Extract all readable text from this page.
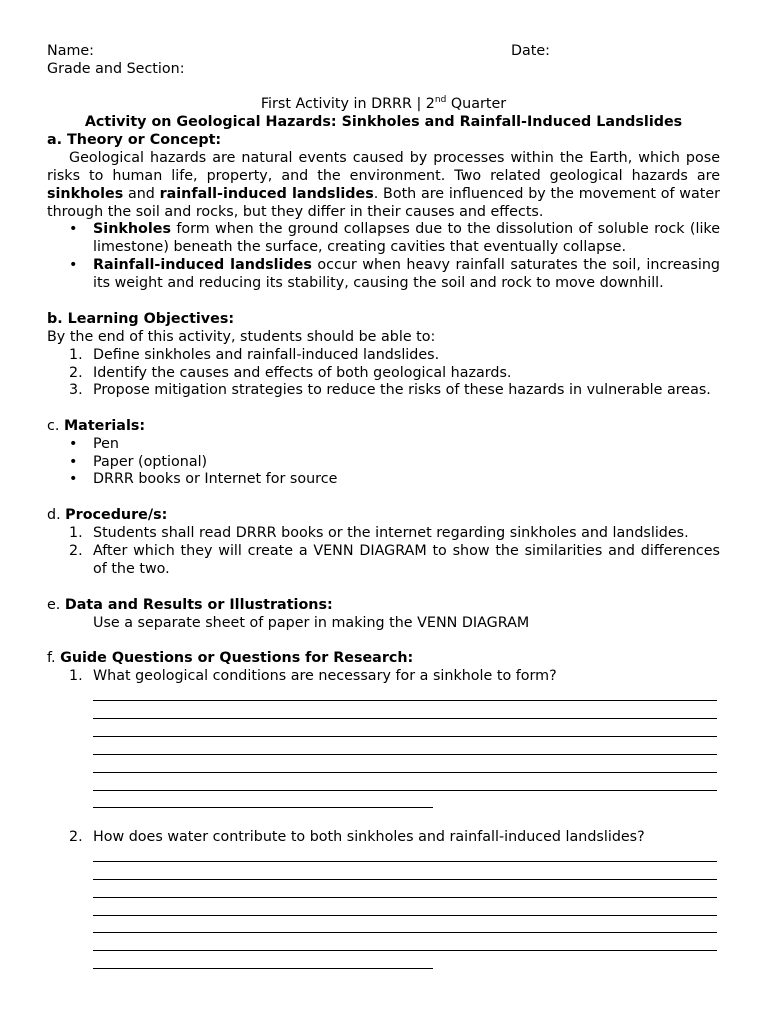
Name:	Date:
Grade and Section:
First Activity in DRRR | 2nd Quarter
Activity on Geological Hazards: Sinkholes and Rainfall-Induced Landslides
a. Theory or Concept:
Geological hazards are natural events caused by processes within the Earth, which pose
risks to human life, property, and the environment. Two related geological hazards are
sinkholes and rainfall-induced landslides. Both are influenced by the movement of water
through the soil and rocks, but they differ in their causes and effects.
• Sinkholes form when the ground collapses due to the dissolution of soluble rock (like limestone) beneath the surface, creating cavities that eventually collapse.
• Rainfall-induced landslides occur when heavy rainfall saturates the soil, increasing its weight and reducing its stability, causing the soil and rock to move downhill.
b. Learning Objectives:
By the end of this activity, students should be able to:
1. Define sinkholes and rainfall-induced landslides.
2. Identify the causes and effects of both geological hazards.
3. Propose mitigation strategies to reduce the risks of these hazards in vulnerable areas.
c. Materials:
• Pen
• Paper (optional)
• DRRR books or Internet for source
d. Procedure/s:
1. Students shall read DRRR books or the internet regarding sinkholes and landslides.
2. After which they will create a VENN DIAGRAM to show the similarities and differences of the two.
e. Data and Results or Illustrations:
Use a separate sheet of paper in making the VENN DIAGRAM
f. Guide Questions or Questions for Research:
1. What geological conditions are necessary for a sinkhole to form?
2. How does water contribute to both sinkholes and rainfall-induced landslides?
